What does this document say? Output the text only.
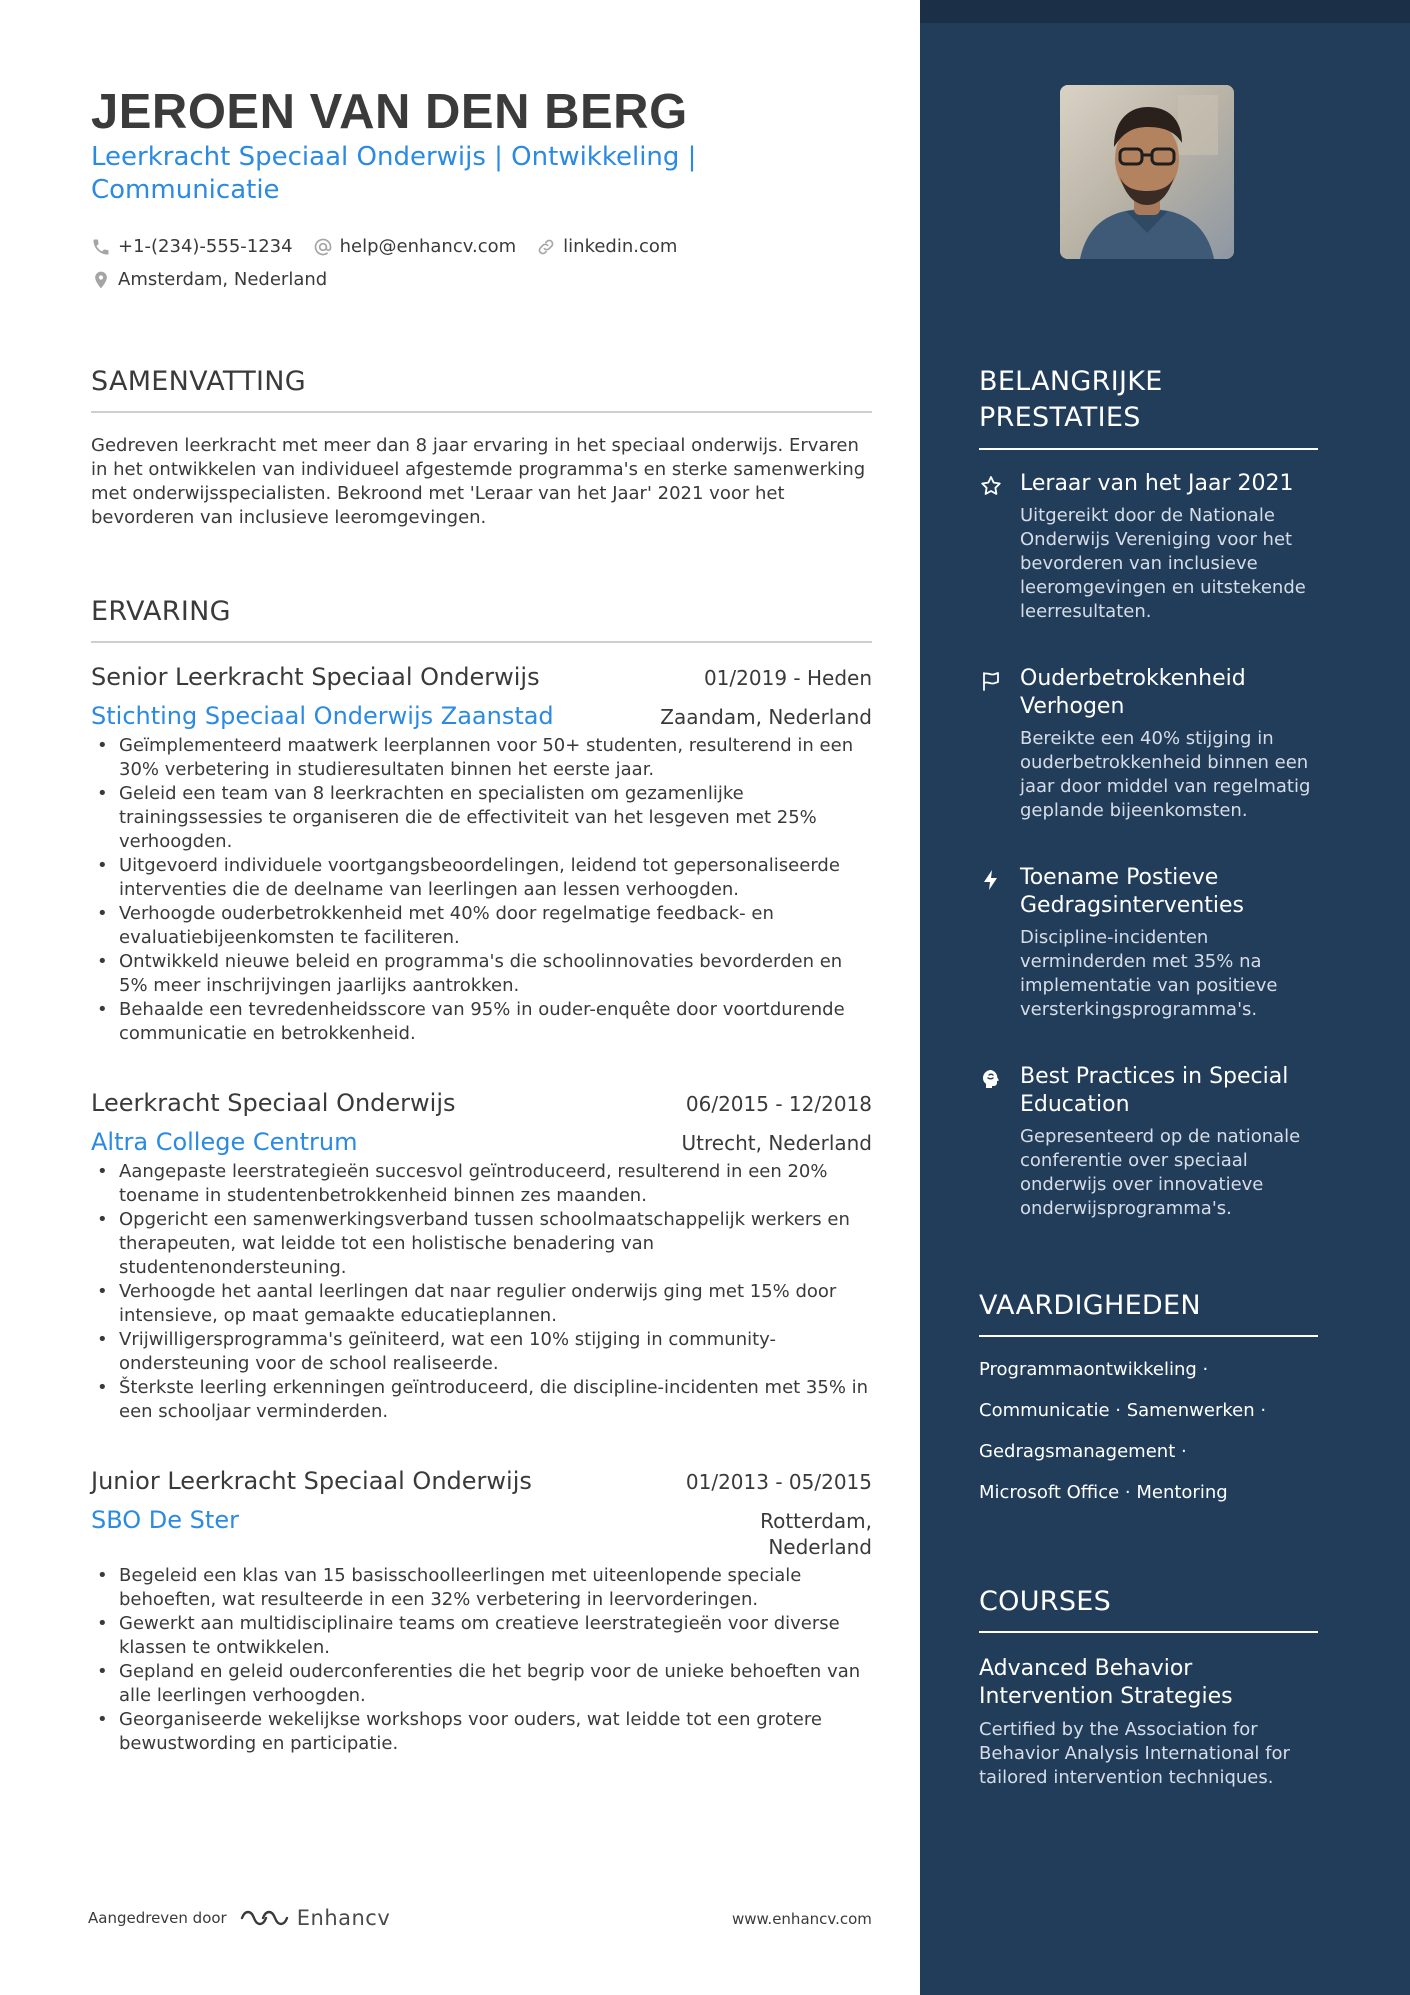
JEROEN VAN DEN BERG
Leerkracht Speciaal Onderwijs | Ontwikkeling |
Communicatie
+1-(234)-555-1234	help@enhancv.com	linkedin.com
Amsterdam, Nederland
SAMENVATTING
Gedreven leerkracht met meer dan 8 jaar ervaring in het speciaal onderwijs. Ervaren in het ontwikkelen van individueel afgestemde programma's en sterke samenwerking met onderwijsspecialisten. Bekroond met 'Leraar van het Jaar' 2021 voor het bevorderen van inclusieve leeromgevingen.
ERVARING
Senior Leerkracht Speciaal Onderwijs	01/2019 - Heden
Stichting Speciaal Onderwijs Zaanstad	Zaandam, Nederland
• Geïmplementeerd maatwerk leerplannen voor 50+ studenten, resulterend in een 30% verbetering in studieresultaten binnen het eerste jaar.
• Geleid een team van 8 leerkrachten en specialisten om gezamenlijke trainingssessies te organiseren die de effectiviteit van het lesgeven met 25% verhoogden.
• Uitgevoerd individuele voortgangsbeoordelingen, leidend tot gepersonaliseerde interventies die de deelname van leerlingen aan lessen verhoogden.
• Verhoogde ouderbetrokkenheid met 40% door regelmatige feedback- en evaluatiebijeenkomsten te faciliteren.
• Ontwikkeld nieuwe beleid en programma's die schoolinnovaties bevorderden en 5% meer inschrijvingen jaarlijks aantrokken.
• Behaalde een tevredenheidsscore van 95% in ouder-enquête door voortdurende communicatie en betrokkenheid.
Leerkracht Speciaal Onderwijs	06/2015 - 12/2018
Altra College Centrum	Utrecht, Nederland
• Aangepaste leerstrategieën succesvol geïntroduceerd, resulterend in een 20% toename in studentenbetrokkenheid binnen zes maanden.
• Opgericht een samenwerkingsverband tussen schoolmaatschappelijk werkers en therapeuten, wat leidde tot een holistische benadering van studentenondersteuning.
• Verhoogde het aantal leerlingen dat naar regulier onderwijs ging met 15% door intensieve, op maat gemaakte educatieplannen.
• Vrijwilligersprogramma's geïniteerd, wat een 10% stijging in community-ondersteuning voor de school realiseerde.
• Šterkste leerling erkenningen geïntroduceerd, die discipline-incidenten met 35% in een schooljaar verminderden.
Junior Leerkracht Speciaal Onderwijs	01/2013 - 05/2015
SBO De Ster	Rotterdam,
Nederland
• Begeleid een klas van 15 basisschoolleerlingen met uiteenlopende speciale behoeften, wat resulteerde in een 32% verbetering in leervorderingen.
• Gewerkt aan multidisciplinaire teams om creatieve leerstrategieën voor diverse klassen te ontwikkelen.
• Gepland en geleid ouderconferenties die het begrip voor de unieke behoeften van alle leerlingen verhoogden.
• Georganiseerde wekelijkse workshops voor ouders, wat leidde tot een grotere bewustwording en participatie.
Aangedreven door	Enhancv	www.enhancv.com
BELANGRIJKE
PRESTATIES
Leraar van het Jaar 2021
Uitgereikt door de Nationale Onderwijs Vereniging voor het bevorderen van inclusieve leeromgevingen en uitstekende leerresultaten.
Ouderbetrokkenheid Verhogen
Bereikte een 40% stijging in ouderbetrokkenheid binnen een jaar door middel van regelmatig geplande bijeenkomsten.
Toename Postieve Gedragsinterventies
Discipline-incidenten verminderden met 35% na implementatie van positieve versterkingsprogramma's.
Best Practices in Special Education
Gepresenteerd op de nationale conferentie over speciaal onderwijs over innovatieve onderwijsprogramma's.
VAARDIGHEDEN
Programmaontwikkeling ·
Communicatie · Samenwerken ·
Gedragsmanagement ·
Microsoft Office · Mentoring
COURSES
Advanced Behavior Intervention Strategies
Certified by the Association for Behavior Analysis International for tailored intervention techniques.
